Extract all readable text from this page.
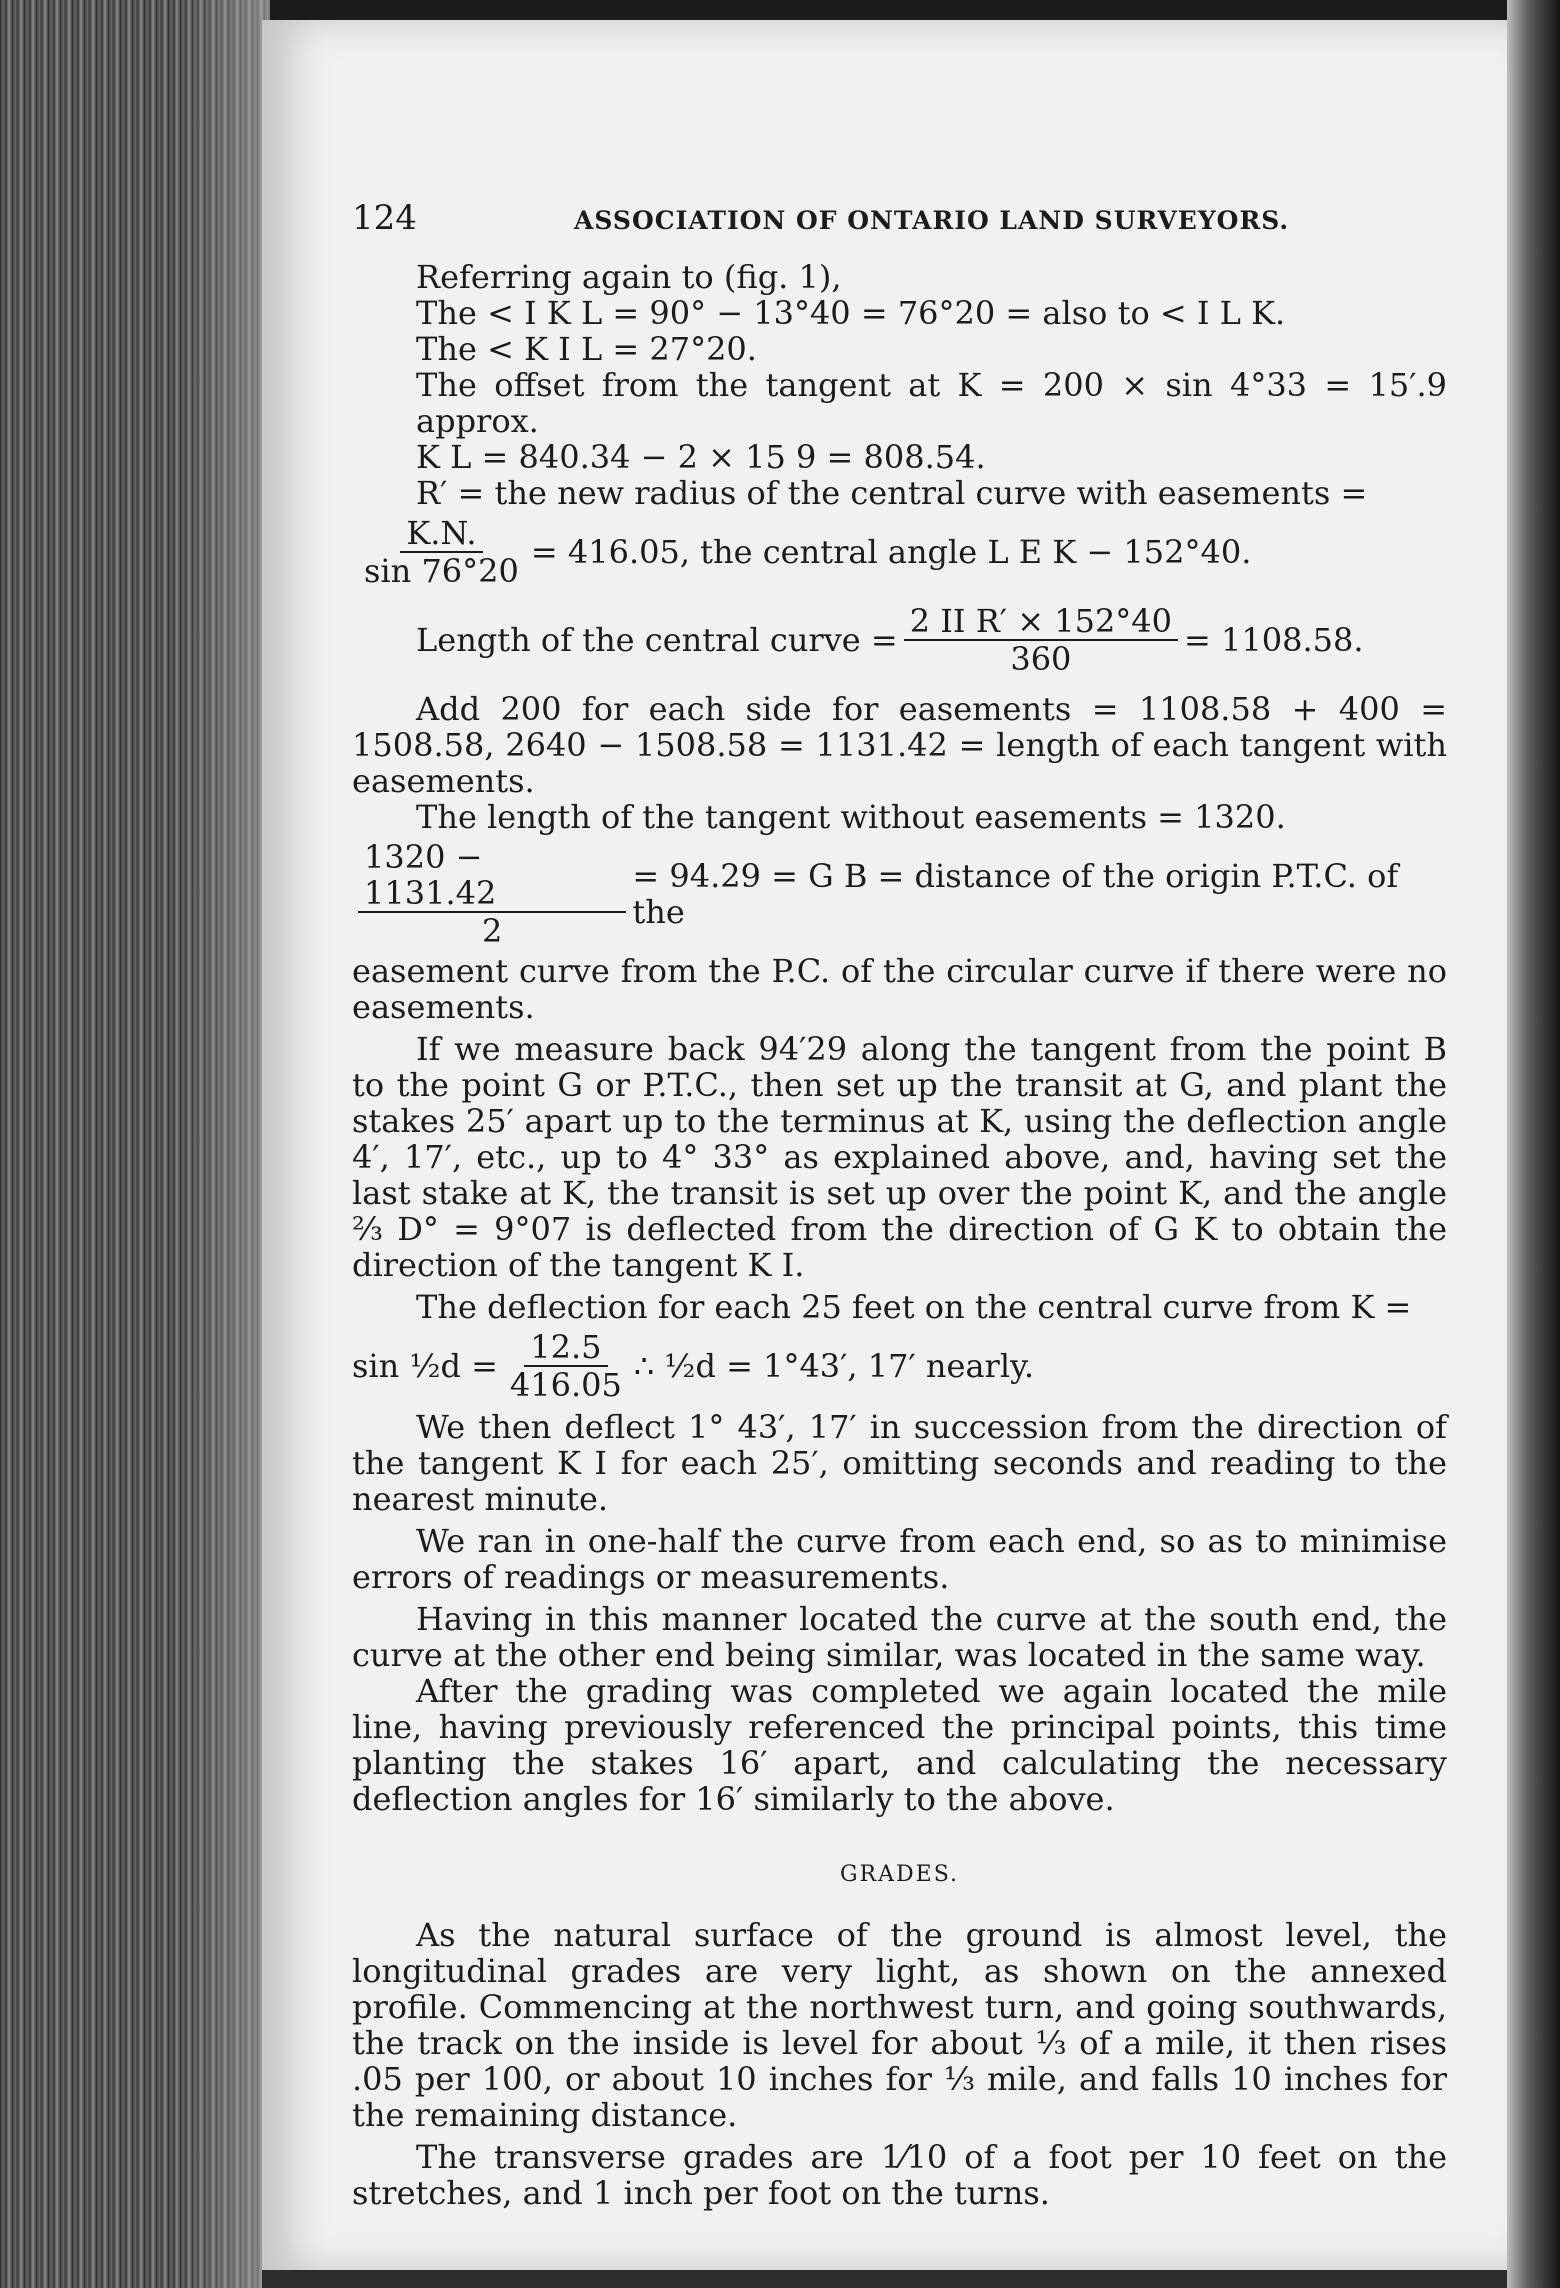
124	ASSOCIATION OF ONTARIO LAND SURVEYORS.

Referring again to (fig. 1),

The < I K L = 90° − 13°40 = 76°20 = also to < I L K.

The < K I L = 27°20.

The offset from the tangent at K = 200 × sin 4°33 = 15′.9 approx.

K L = 840.34 − 2 × 15 9 = 808.54.

R′ = the new radius of the central curve with easements =

$\frac{K.N.}{\sin 76^\circ 20} = 416.05$, the central angle L E K − 152°40.
Length of the central curve = $\frac{\text{2 II R′ × 152°40}}{360} = 1108.58$.

Add 200 for each side for easements = 1108.58 + 400 = 1508.58, 2640 − 1508.58 = 1131.42 = length of each tangent with easements.

The length of the tangent without easements = 1320.

$\frac{1320 - 1131.42}{2} = 94.29 = G$ B = distance of the origin P.T.C. of the

easement curve from the P.C. of the circular curve if there were no easements.

If we measure back 94′29 along the tangent from the point B to the point G or P.T.C., then set up the transit at G, and plant the stakes 25′ apart up to the terminus at K, using the deflection angle 4′, 17′, etc., up to 4° 33° as explained above, and, having set the last stake at K, the transit is set up over the point K, and the angle ⅔ D° = 9°07 is deflected from the direction of G K to obtain the direction of the tangent K I.

The deflection for each 25 feet on the central curve from K =

sin ½d = $\frac{12.5}{416.05}$ ∴ ½d = 1°43′, 17′ nearly.

We then deflect 1° 43′, 17′ in succession from the direction of the tangent K I for each 25′, omitting seconds and reading to the nearest minute.

We ran in one-half the curve from each end, so as to minimise errors of readings or measurements.

Having in this manner located the curve at the south end, the curve at the other end being similar, was located in the same way.

After the grading was completed we again located the mile line, having previously referenced the principal points, this time planting the stakes 16′ apart, and calculating the necessary deflection angles for 16′ similarly to the above.

GRADES.

As the natural surface of the ground is almost level, the longitudinal grades are very light, as shown on the annexed profile. Commencing at the northwest turn, and going southwards, the track on the inside is level for about ⅓ of a mile, it then rises .05 per 100, or about 10 inches for ⅓ mile, and falls 10 inches for the remaining distance.

The transverse grades are 1⁄10 of a foot per 10 feet on the stretches, and 1 inch per foot on the turns.
